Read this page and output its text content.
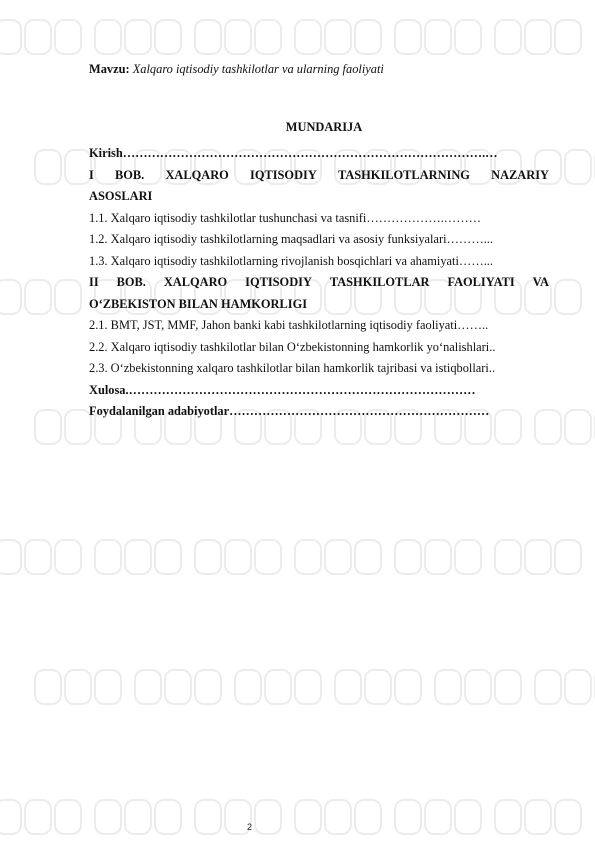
Mavzu: Xalqaro iqtisodiy tashkilotlar va ularning faoliyati
MUNDARIJA
Kirish…………………………………………………………………………….…
I BOB. XALQARO IQTISODIY TASHKILOTLARNING NAZARIY
ASOSLARI
1.1. Xalqaro iqtisodiy tashkilotlar tushunchasi va tasnifi……………….………
1.2. Xalqaro iqtisodiy tashkilotlarning maqsadlari va asosiy funksiyalari………...
1.3. Xalqaro iqtisodiy tashkilotlarning rivojlanish bosqichlari va ahamiyati……...
II BOB. XALQARO IQTISODIY TASHKILOTLAR FAOLIYATI VA
O‘ZBEKISTON BILAN HAMKORLIGI
2.1. BMT, JST, MMF, Jahon banki kabi tashkilotlarning iqtisodiy faoliyati……..
2.2. Xalqaro iqtisodiy tashkilotlar bilan O‘zbekistonning hamkorlik yo‘nalishlari..
2.3. O‘zbekistonning xalqaro tashkilotlar bilan hamkorlik tajribasi va istiqbollari..
Xulosa.…………………………………………………………………………
Foydalanilgan adabiyotlar………………………………………………………
2
